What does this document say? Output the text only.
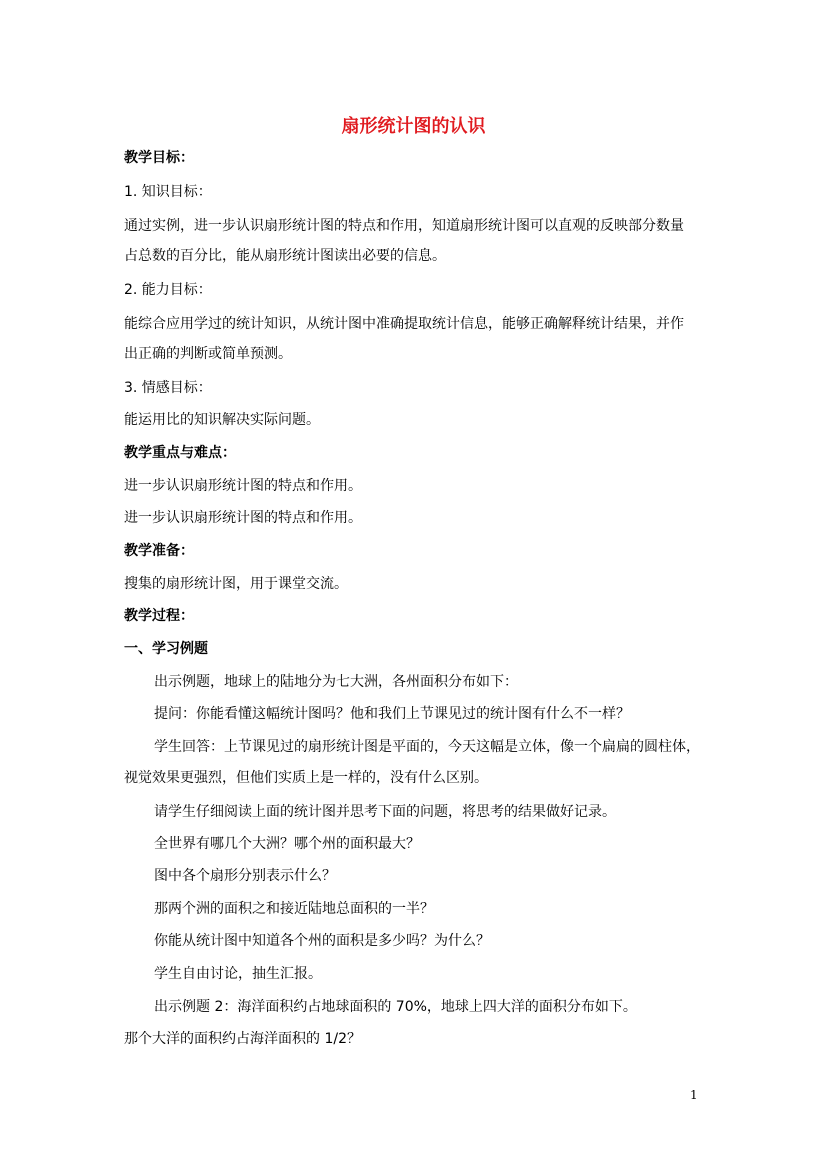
扇形统计图的认识
教学目标：
1. 知识目标：
通过实例，进一步认识扇形统计图的特点和作用，知道扇形统计图可以直观的反映部分数量
占总数的百分比，能从扇形统计图读出必要的信息。
2. 能力目标：
能综合应用学过的统计知识，从统计图中准确提取统计信息，能够正确解释统计结果，并作
出正确的判断或简单预测。
3. 情感目标：
能运用比的知识解决实际问题。
教学重点与难点：
进一步认识扇形统计图的特点和作用。
进一步认识扇形统计图的特点和作用。
教学准备：
搜集的扇形统计图，用于课堂交流。
教学过程：
一、学习例题
出示例题，地球上的陆地分为七大洲，各州面积分布如下：
提问：你能看懂这幅统计图吗？他和我们上节课见过的统计图有什么不一样？
学生回答：上节课见过的扇形统计图是平面的，今天这幅是立体，像一个扁扁的圆柱体，
视觉效果更强烈，但他们实质上是一样的，没有什么区别。
请学生仔细阅读上面的统计图并思考下面的问题，将思考的结果做好记录。
全世界有哪几个大洲？哪个州的面积最大？
图中各个扇形分别表示什么？
那两个洲的面积之和接近陆地总面积的一半？
你能从统计图中知道各个州的面积是多少吗？为什么？
学生自由讨论，抽生汇报。
出示例题 2：海洋面积约占地球面积的 70%，地球上四大洋的面积分布如下。
那个大洋的面积约占海洋面积的 1/2？
1
